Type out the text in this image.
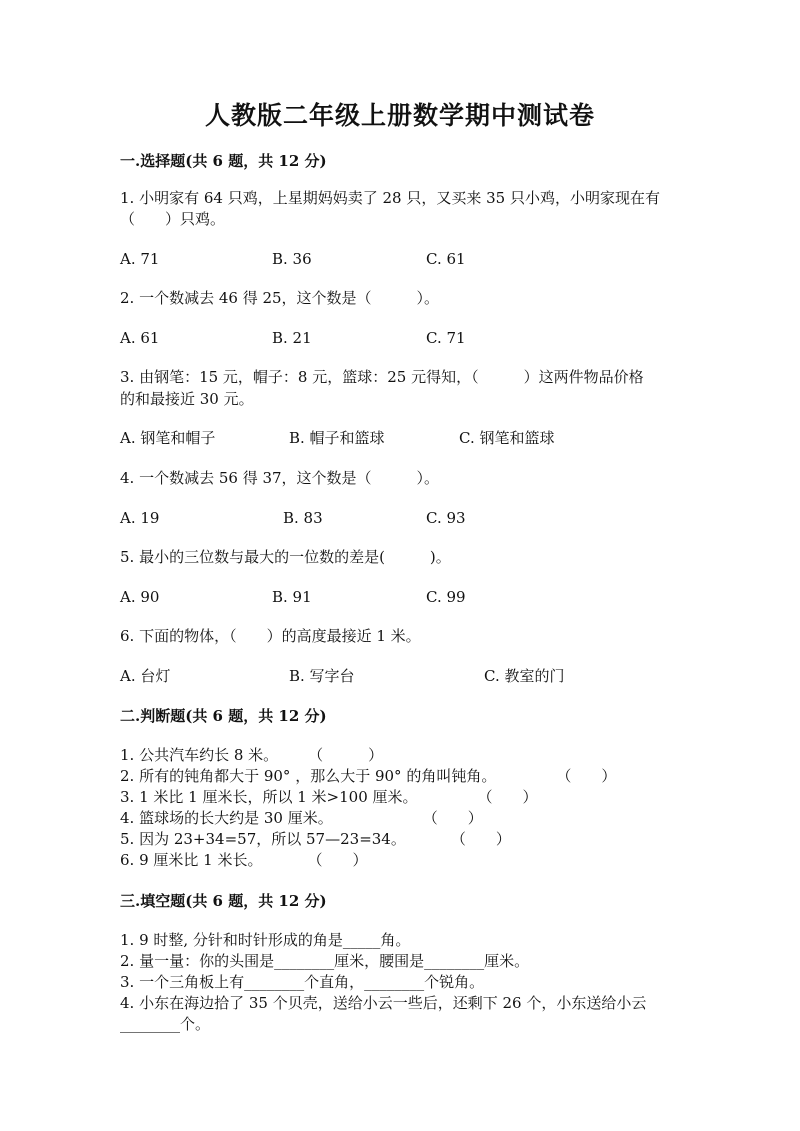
人教版二年级上册数学期中测试卷
一.选择题(共 6 题，共 12 分)
1. 小明家有 64 只鸡，上星期妈妈卖了 28 只，又买来 35 只小鸡，小明家现在有
（　　）只鸡。
A. 71	B. 36	C. 61
2. 一个数减去 46 得 25，这个数是（　　　）。
A. 61	B. 21	C. 71
3. 由钢笔：15 元，帽子：8 元，篮球：25 元得知，（　　　）这两件物品价格
的和最接近 30 元。
A. 钢笔和帽子	B. 帽子和篮球	C. 钢笔和篮球
4. 一个数减去 56 得 37，这个数是（　　　）。
A. 19	B. 83	C. 93
5. 最小的三位数与最大的一位数的差是(　　　)。
A. 90	B. 91	C. 99
6. 下面的物体，（　　）的高度最接近 1 米。
A. 台灯	B. 写字台	C. 教室的门
二.判断题(共 6 题，共 12 分)
1. 公共汽车约长 8 米。　　　（　　　）
2. 所有的钝角都大于 90° ，那么大于 90° 的角叫钝角。　　　　　（　　）
3. 1 米比 1 厘米长，所以 1 米>100 厘米。　　　　　（　　）
4. 篮球场的长大约是 30 厘米。　　　　　　　（　　）
5. 因为 23+34=57，所以 57—23=34。　　　　（　　）
6. 9 厘米比 1 米长。　　　　（　　）
三.填空题(共 6 题，共 12 分)
1. 9 时整, 分针和时针形成的角是_____角。
2. 量一量：你的头围是________厘米，腰围是________厘米。
3. 一个三角板上有________个直角，________个锐角。
4. 小东在海边拾了 35 个贝壳，送给小云一些后，还剩下 26 个，小东送给小云
________个。
